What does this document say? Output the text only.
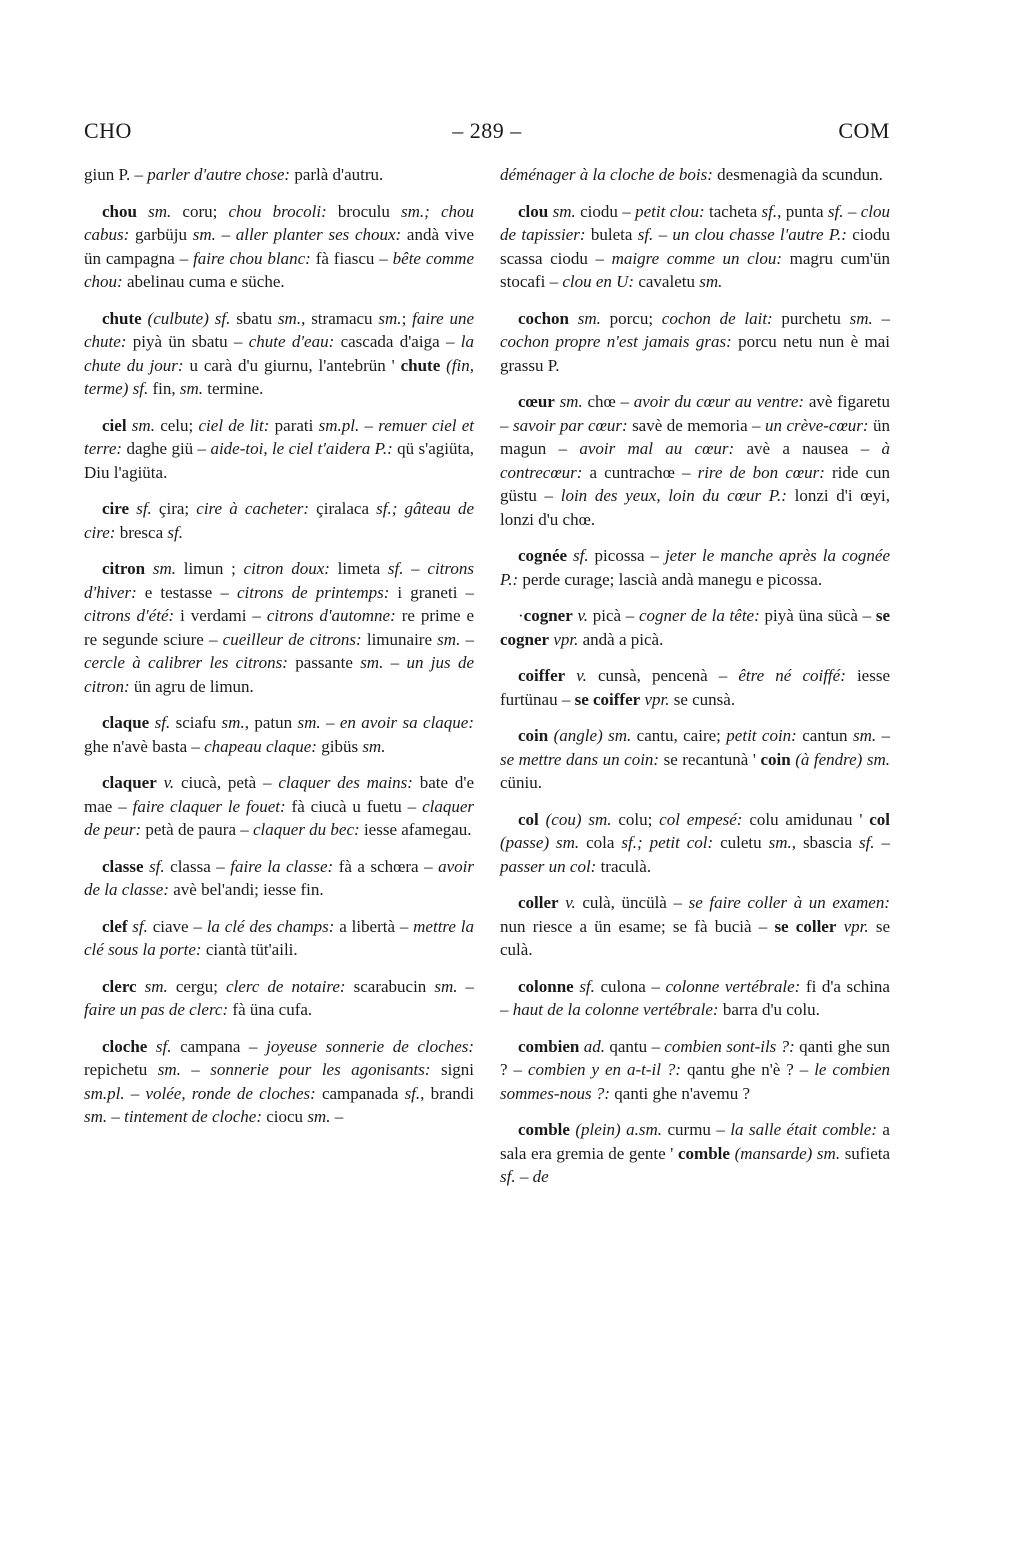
CHO	– 289 –	COM

giun P. – parler d'autre chose: parlà d'autru.

chou sm. coru; chou brocoli: broculu sm.; chou cabus: garbüju sm. – aller planter ses choux: andà vive ün campagna – faire chou blanc: fà fiascu – bête comme chou: abelinau cuma e süche.

chute (culbute) sf. sbatu sm., stramacu sm.; faire une chute: piyà ün sbatu – chute d'eau: cascada d'aiga – la chute du jour: u carà d'u giurnu, l'antebrün ' chute (fin, terme) sf. fin, sm. termine.

ciel sm. celu; ciel de lit: parati sm.pl. – remuer ciel et terre: daghe giü – aide-toi, le ciel t'aidera P.: qü s'agiüta, Diu l'agiüta.

cire sf. çira; cire à cacheter: çiralaca sf.; gâteau de cire: bresca sf.

citron sm. limun ; citron doux: limeta sf. – citrons d'hiver: e testasse – citrons de printemps: i graneti – citrons d'été: i verdami – citrons d'automne: re prime e re segunde sciure – cueilleur de citrons: limunaire sm. – cercle à calibrer les citrons: passante sm. – un jus de citron: ün agru de limun.

claque sf. sciafu sm., patun sm. – en avoir sa claque: ghe n'avè basta – chapeau claque: gibüs sm.

claquer v. ciucà, petà – claquer des mains: bate d'e mae – faire claquer le fouet: fà ciucà u fuetu – claquer de peur: petà de paura – claquer du bec: iesse afamegau.

classe sf. classa – faire la classe: fà a schœra – avoir de la classe: avè bel'andi; iesse fin.

clef sf. ciave – la clé des champs: a libertà – mettre la clé sous la porte: ciantà tüt'aili.

clerc sm. cergu; clerc de notaire: scarabucin sm. – faire un pas de clerc: fà üna cufa.

cloche sf. campana – joyeuse sonnerie de cloches: repichetu sm. – sonnerie pour les agonisants: signi sm.pl. – volée, ronde de cloches: campanada sf., brandi sm. – tintement de cloche: ciocu sm. –

déménager à la cloche de bois: desmenagià da scundun.

clou sm. ciodu – petit clou: tacheta sf., punta sf. – clou de tapissier: buleta sf. – un clou chasse l'autre P.: ciodu scassa ciodu – maigre comme un clou: magru cum'ün stocafi – clou en U: cavaletu sm.

cochon sm. porcu; cochon de lait: purchetu sm. – cochon propre n'est jamais gras: porcu netu nun è mai grassu P.

cœur sm. chœ – avoir du cœur au ventre: avè figaretu – savoir par cœur: savè de memoria – un crève-cœur: ün magun – avoir mal au cœur: avè a nausea – à contrecœur: a cuntrachœ – rire de bon cœur: ride cun güstu – loin des yeux, loin du cœur P.: lonzi d'i œyi, lonzi d'u chœ.

cognée sf. picossa – jeter le manche après la cognée P.: perde curage; lascià andà manegu e picossa.

·cogner v. picà – cogner de la tête: piyà üna sücà – se cogner vpr. andà a picà.

coiffer v. cunsà, pencenà – être né coiffé: iesse furtünau – se coiffer vpr. se cunsà.

coin (angle) sm. cantu, caire; petit coin: cantun sm. – se mettre dans un coin: se recantunà ' coin (à fendre) sm. cüniu.

col (cou) sm. colu; col empesé: colu amidunau ' col (passe) sm. cola sf.; petit col: culetu sm., sbascia sf. – passer un col: traculà.

coller v. culà, üncülà – se faire coller à un examen: nun riesce a ün esame; se fà bucià – se coller vpr. se culà.

colonne sf. culona – colonne vertébrale: fi d'a schina – haut de la colonne vertébrale: barra d'u colu.

combien ad. qantu – combien sont-ils ?: qanti ghe sun ? – combien y en a-t-il ?: qantu ghe n'è ? – le combien sommes-nous ?: qanti ghe n'avemu ?

comble (plein) a.sm. curmu – la salle était comble: a sala era gremia de gente ' comble (mansarde) sm. sufieta sf. – de
